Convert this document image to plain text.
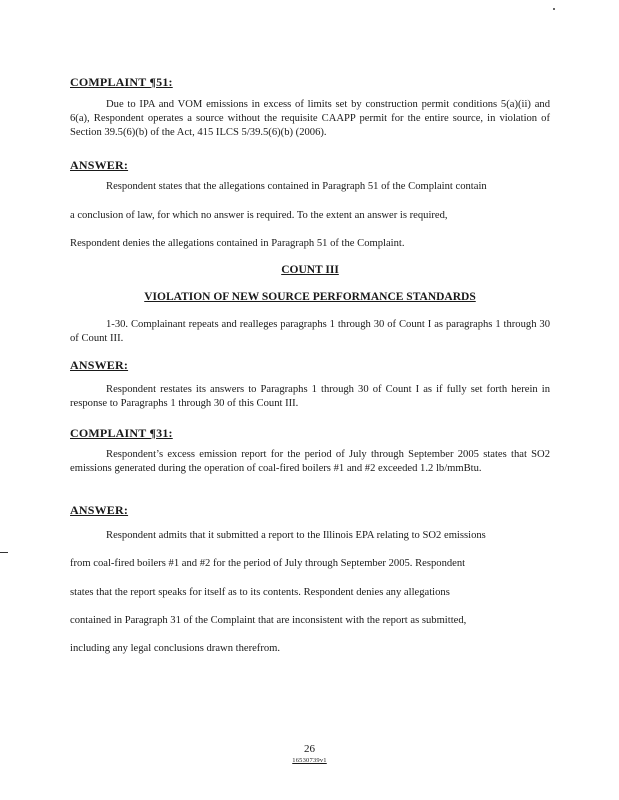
COMPLAINT ¶51:
Due to IPA and VOM emissions in excess of limits set by construction permit conditions 5(a)(ii) and 6(a), Respondent operates a source without the requisite CAAPP permit for the entire source, in violation of Section 39.5(6)(b) of the Act, 415 ILCS 5/39.5(6)(b) (2006).
ANSWER:
Respondent states that the allegations contained in Paragraph 51 of the Complaint contain
a conclusion of law, for which no answer is required. To the extent an answer is required,
Respondent denies the allegations contained in Paragraph 51 of the Complaint.
COUNT III
VIOLATION OF NEW SOURCE PERFORMANCE STANDARDS
1-30. Complainant repeats and realleges paragraphs 1 through 30 of Count I as paragraphs 1 through 30 of Count III.
ANSWER:
Respondent restates its answers to Paragraphs 1 through 30 of Count I as if fully set forth herein in response to Paragraphs 1 through 30 of this Count III.
COMPLAINT ¶31:
Respondent’s excess emission report for the period of July through September 2005 states that SO2 emissions generated during the operation of coal-fired boilers #1 and #2 exceeded 1.2 lb/mmBtu.
ANSWER:
Respondent admits that it submitted a report to the Illinois EPA relating to SO2 emissions
from coal-fired boilers #1 and #2 for the period of July through September 2005. Respondent
states that the report speaks for itself as to its contents. Respondent denies any allegations
contained in Paragraph 31 of the Complaint that are inconsistent with the report as submitted,
including any legal conclusions drawn therefrom.
26
16530739v1
